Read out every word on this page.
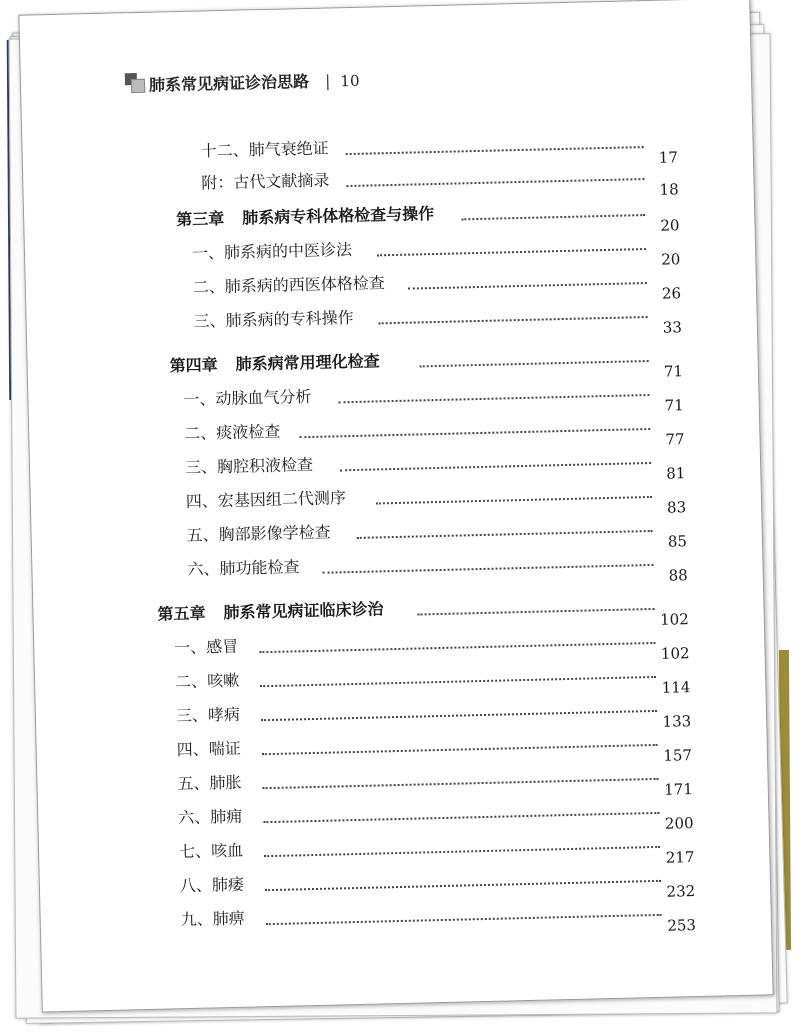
肺系常见病证诊治思路 | 10
十二、肺气衰绝证	17
附：古代文献摘录	18
第三章 肺系病专科体格检查与操作	20
一、肺系病的中医诊法	20
二、肺系病的西医体格检查	26
三、肺系病的专科操作	33
第四章 肺系病常用理化检查	71
一、动脉血气分析	71
二、痰液检查	77
三、胸腔积液检查	81
四、宏基因组二代测序	83
五、胸部影像学检查	85
六、肺功能检查	88
第五章 肺系常见病证临床诊治	102
一、感冒	102
二、咳嗽	114
三、哮病	133
四、喘证	157
五、肺胀	171
六、肺痈	200
七、咳血	217
八、肺痿	232
九、肺痹	253
